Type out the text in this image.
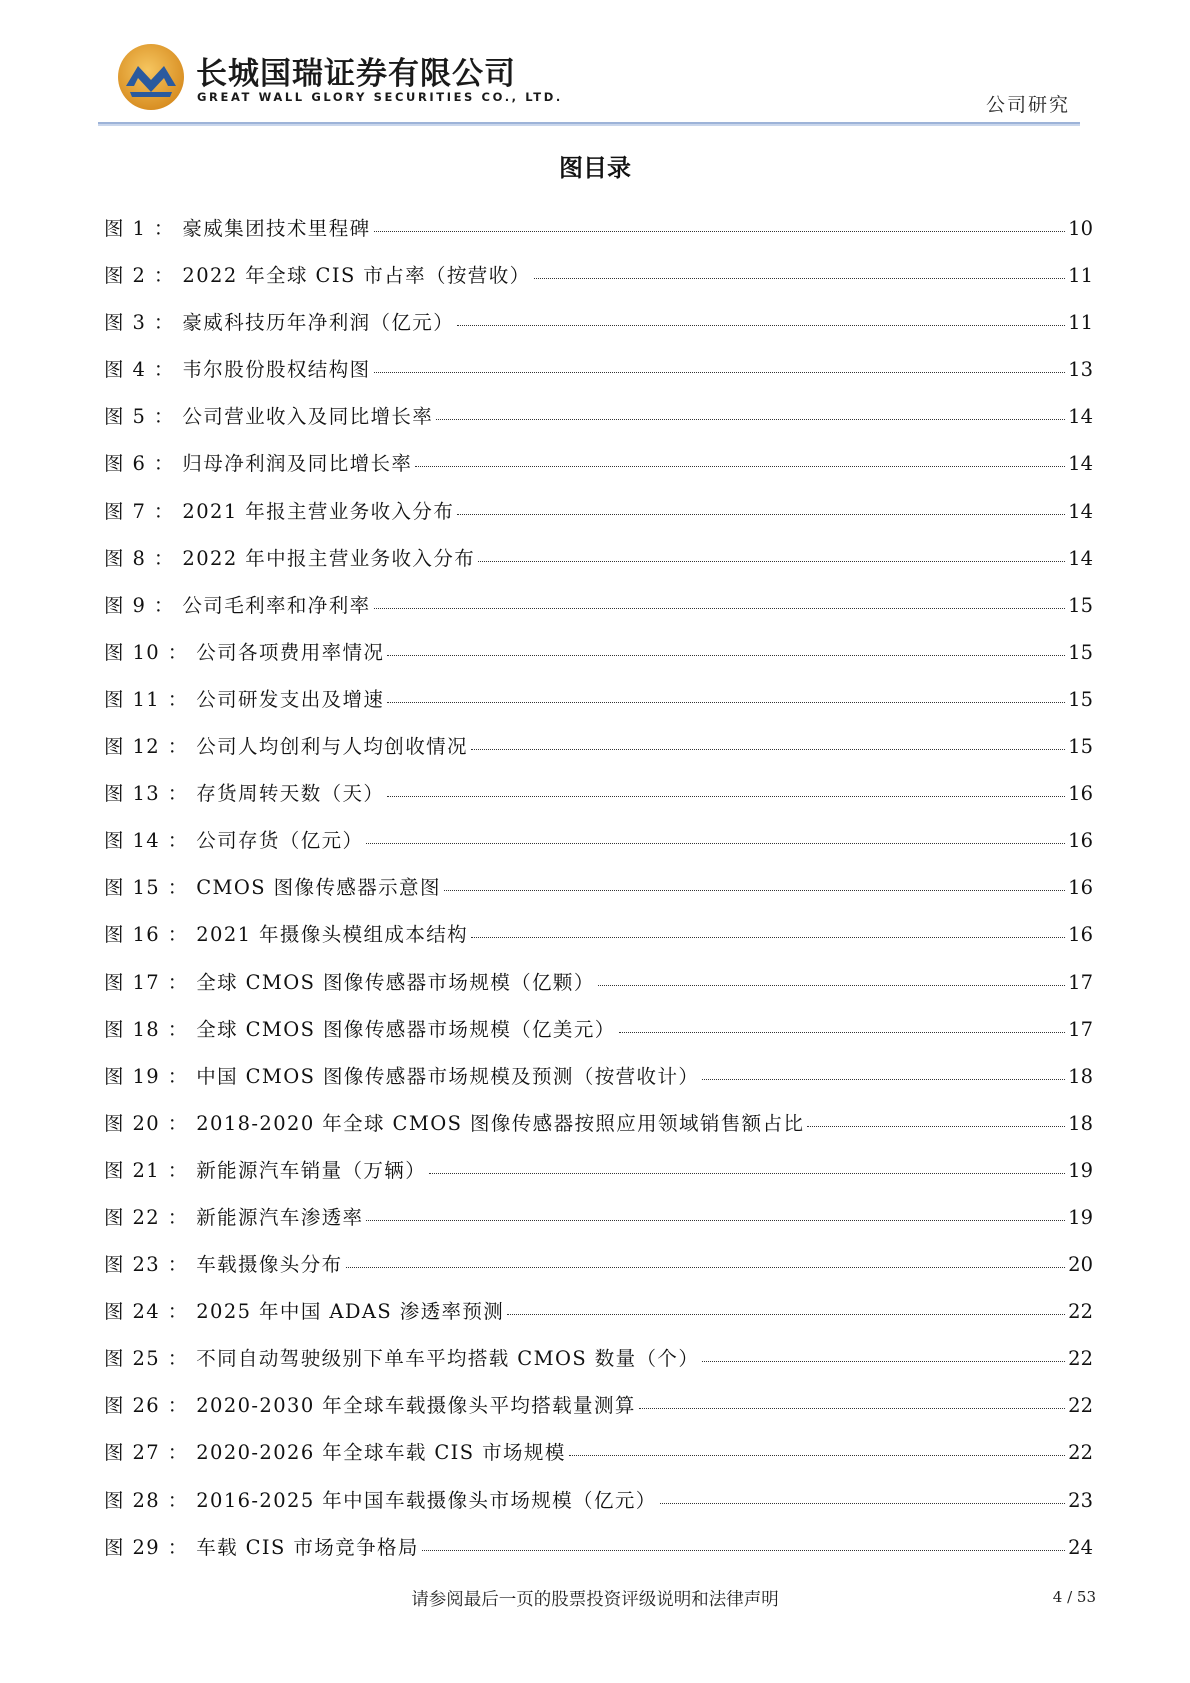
长城国瑞证券有限公司
GREAT WALL GLORY SECURITIES CO., LTD.	公司研究
图目录
图 1 ： 豪威集团技术里程碑	10
图 2 ： 2022 年全球 CIS 市占率（按营收）	11
图 3 ： 豪威科技历年净利润（亿元）	11
图 4 ： 韦尔股份股权结构图	13
图 5 ： 公司营业收入及同比增长率	14
图 6 ： 归母净利润及同比增长率	14
图 7 ： 2021 年报主营业务收入分布	14
图 8 ： 2022 年中报主营业务收入分布	14
图 9 ： 公司毛利率和净利率	15
图 10 ： 公司各项费用率情况	15
图 11 ： 公司研发支出及增速	15
图 12 ： 公司人均创利与人均创收情况	15
图 13 ： 存货周转天数（天）	16
图 14 ： 公司存货（亿元）	16
图 15 ： CMOS 图像传感器示意图	16
图 16 ： 2021 年摄像头模组成本结构	16
图 17 ： 全球 CMOS 图像传感器市场规模（亿颗）	17
图 18 ： 全球 CMOS 图像传感器市场规模（亿美元）	17
图 19 ： 中国 CMOS 图像传感器市场规模及预测（按营收计）	18
图 20 ： 2018-2020 年全球 CMOS 图像传感器按照应用领域销售额占比	18
图 21 ： 新能源汽车销量（万辆）	19
图 22 ： 新能源汽车渗透率	19
图 23 ： 车载摄像头分布	20
图 24 ： 2025 年中国 ADAS 渗透率预测	22
图 25 ： 不同自动驾驶级别下单车平均搭载 CMOS 数量（个）	22
图 26 ： 2020-2030 年全球车载摄像头平均搭载量测算	22
图 27 ： 2020-2026 年全球车载 CIS 市场规模	22
图 28 ： 2016-2025 年中国车载摄像头市场规模（亿元）	23
图 29 ： 车载 CIS 市场竞争格局	24
请参阅最后一页的股票投资评级说明和法律声明	4 / 53
